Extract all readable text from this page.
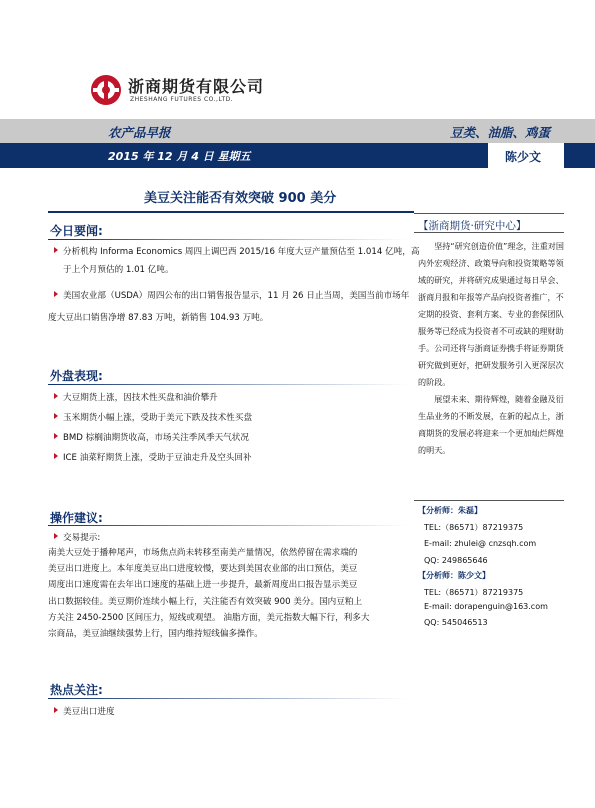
浙商期货有限公司
ZHESHANG FUTURES CO.,LTD.
农产品早报	豆类、油脂、鸡蛋
2015 年 12 月 4 日 星期五	陈少文
美豆关注能否有效突破 900 美分
今日要闻:
分析机构 Informa Economics 周四上调巴西 2015/16 年度大豆产量预估至 1.014 亿吨，高
于上个月预估的 1.01 亿吨。
美国农业部（USDA）周四公布的出口销售报告显示，11 月 26 日止当周，美国当前市场年
度大豆出口销售净增 87.83 万吨，新销售 104.93 万吨。
外盘表现:
大豆期货上涨，因技术性买盘和油价攀升
玉米期货小幅上涨，受助于美元下跌及技术性买盘
BMD 棕榈油期货收高，市场关注季风季天气状况
ICE 油菜籽期货上涨，受助于豆油走升及空头回补
操作建议:
交易提示:
南美大豆处于播种尾声，市场焦点尚未转移至南美产量情况，依然停留在需求端的
美豆出口进度上。本年度美豆出口进度较慢，要达到美国农业部的出口预估，美豆
周度出口速度需在去年出口速度的基础上进一步提升，最新周度出口报告显示美豆
出口数据较佳。美豆期价连续小幅上行，关注能否有效突破 900 美分。国内豆粕上
方关注 2450-2500 区间压力，短线或观望。 油脂方面，美元指数大幅下行，利多大
宗商品，美豆油继续强势上行，国内维持短线偏多操作。
热点关注:
美豆出口进度
【浙商期货·研究中心】

坚持“研究创造价值”理念，注重对国内外宏观经济、政策导向和投资策略等领域的研究，并将研究成果通过每日早会、浙商月报和年报等产品向投资者推广，不定期的投资、套利方案、专业的套保团队服务等已经成为投资者不可或缺的理财助手。公司还将与浙商证券携手将证券期货研究做到更好，把研发服务引入更深层次的阶段。

展望未来、期待辉煌，随着金融及衍生品业务的不断发展，在新的起点上，浙商期货的发展必将迎来一个更加灿烂辉煌的明天。

【分析师：朱磊】
TEL:（86571）87219375
E-mail: zhulei@ cnzsqh.com
QQ: 249865646
【分析师：陈少文】
TEL:（86571）87219375
E-mail: dorapenguin@163.com
QQ: 545046513
